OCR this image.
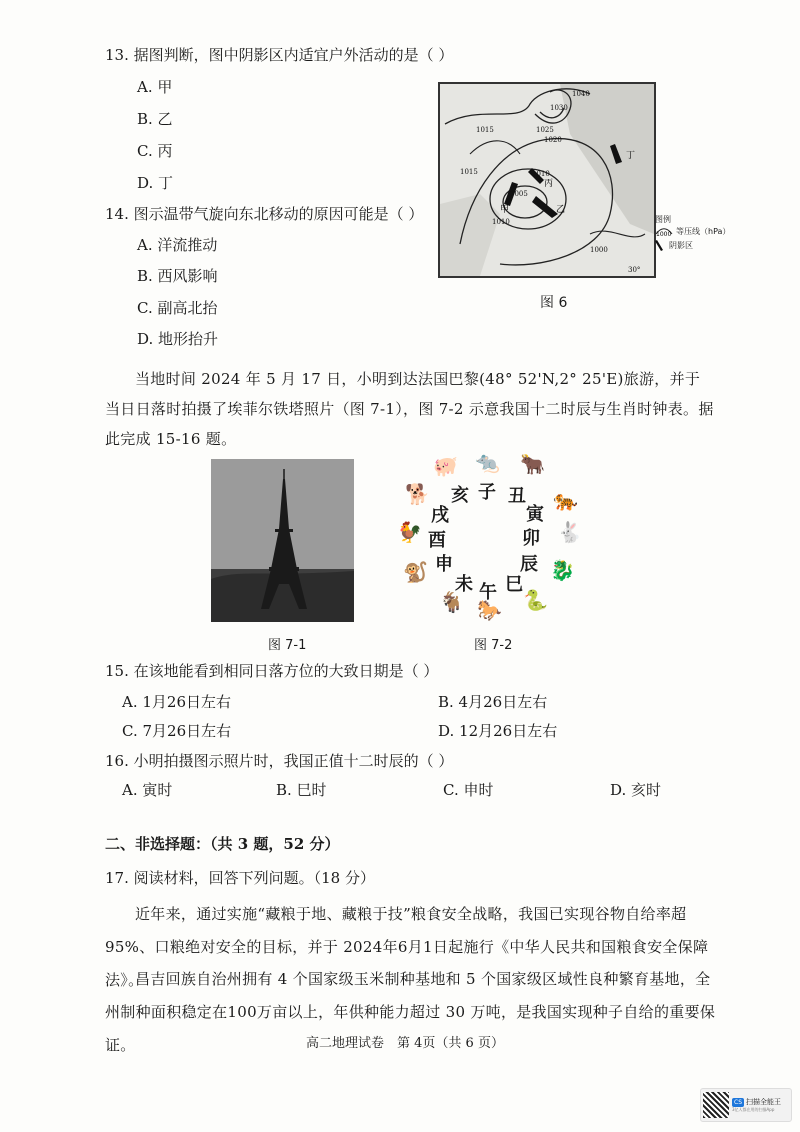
13. 据图判断，图中阴影区内适宜户外活动的是（ ）
A. 甲
B. 乙
C. 丙
D. 丁
14. 图示温带气旋向东北移动的原因可能是（ ）
A. 洋流推动
B. 西风影响
C. 副高北抬
D. 地形抬升
1015
1005
1010
1030
1025
1020
1015
1010
1040
1000
甲	乙
丙
丁
30°
图例
1000 等压线（hPa）
阴影区
图 6
当地时间 2024 年 5 月 17 日，小明到达法国巴黎(48° 52'N,2° 25'E)旅游，并于当日日落时拍摄了埃菲尔铁塔照片（图 7-1），图 7-2 示意我国十二时辰与生肖时钟表。据此完成 15-16 题。
图 7-1
子 丑
寅
卯
辰
巳
午
未
申
酉
戌
亥
🐀 🐂
🐅
🐇
🐉
🐍
🐎
🐐
🐒
🐓
🐕
🐖
图 7-2
15. 在该地能看到相同日落方位的大致日期是（ ）
A. 1月26日左右	B. 4月26日左右
C. 7月26日左右	D. 12月26日左右
16. 小明拍摄图示照片时，我国正值十二时辰的（ ）
A. 寅时	B. 巳时	C. 申时	D. 亥时
二、非选择题：（共 3 题，52 分）
17. 阅读材料，回答下列问题。（18 分）
近年来，通过实施“藏粮于地、藏粮于技”粮食安全战略，我国已实现谷物自给率超95%、口粮绝对安全的目标，并于 2024年6月1日起施行《中华人民共和国粮食安全保障法》。
昌吉回族自治州拥有 4 个国家级玉米制种基地和 5 个国家级区域性良种繁育基地，全州制种面积稳定在100万亩以上，年供种能力超过 30 万吨，是我国实现种子自给的重要保证。	高二地理试卷　第 4页（共 6 页）
CS 扫描全能王
3亿人都在用的扫描App
